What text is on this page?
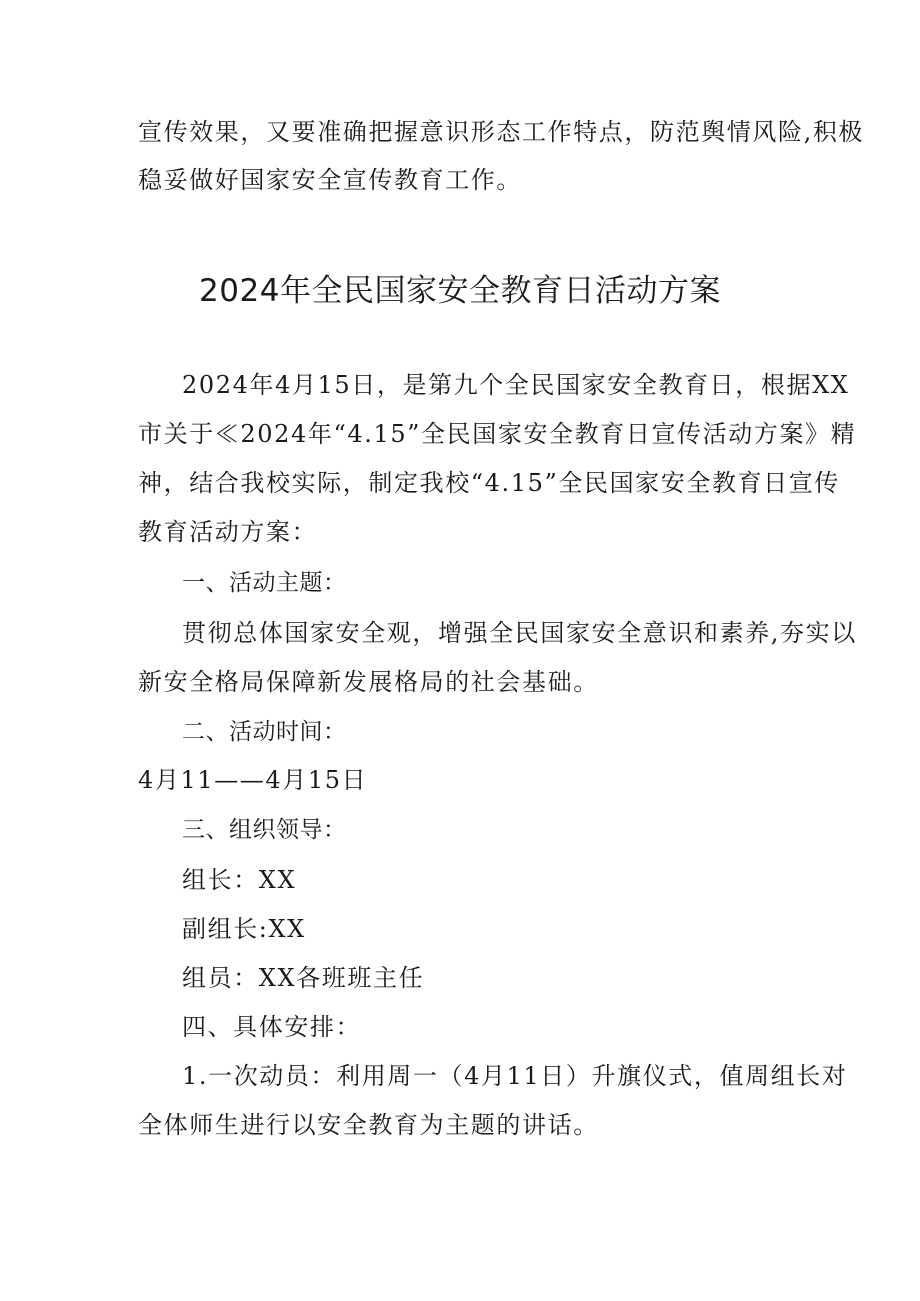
宣传效果，又要准确把握意识形态工作特点，防范舆情风险,积极
稳妥做好国家安全宣传教育工作。
2024年全民国家安全教育日活动方案
2024年4月15日，是第九个全民国家安全教育日，根据XX
市关于≪2024年“4.15”全民国家安全教育日宣传活动方案》精
神，结合我校实际，制定我校“4.15”全民国家安全教育日宣传
教育活动方案：
一、活动主题：
贯彻总体国家安全观，增强全民国家安全意识和素养,夯实以
新安全格局保障新发展格局的社会基础。
二、活动时间：
4月11——4月15日
三、组织领导：
组长：XX
副组长:XX
组员：XX各班班主任
四、具体安排：
1.一次动员：利用周一（4月11日）升旗仪式，值周组长对
全体师生进行以安全教育为主题的讲话。
